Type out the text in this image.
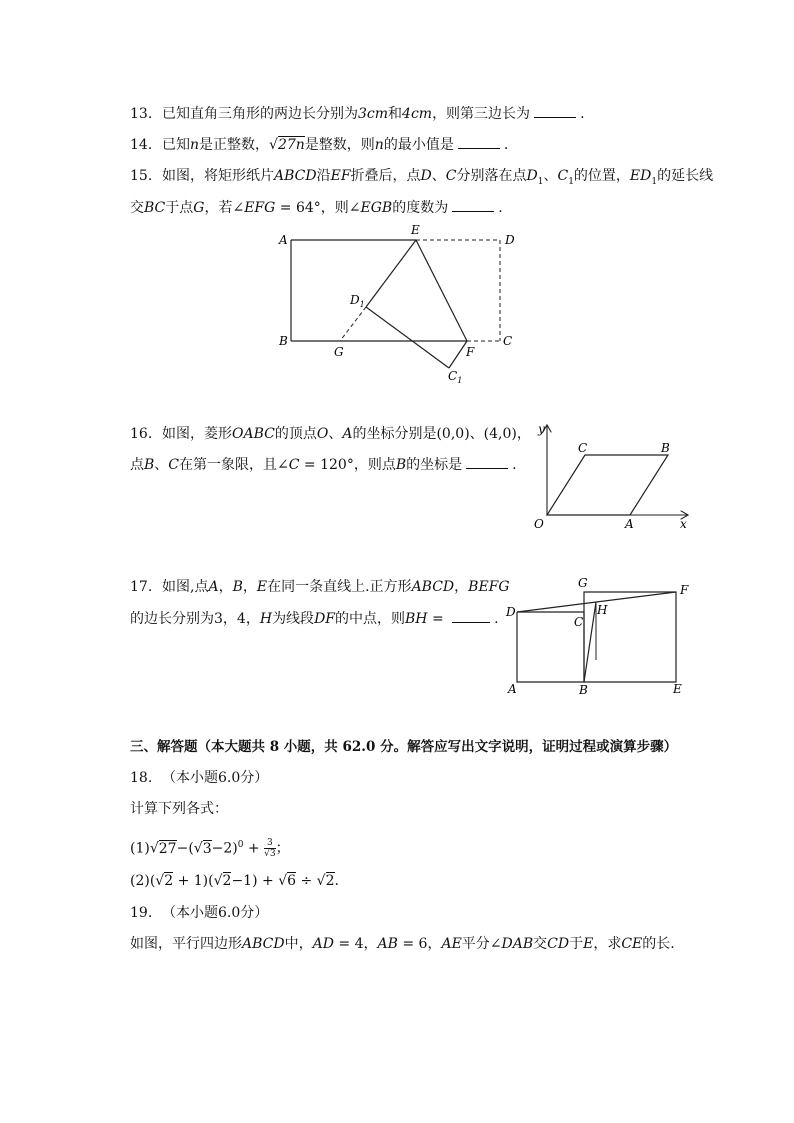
13. 已知直角三角形的两边长分别为3cm和4cm，则第三边长为	.
14. 已知n是正整数，√27n是整数，则n的最小值是	.
15. 如图，将矩形纸片ABCD沿EF折叠后，点D、C分别落在点$D_1$、$C_1$的位置，$ED_1$的延长线
交BC于点G，若∠EFG = 64°，则∠EGB的度数为	.
A
E
D
$D_1$
B
G	F
C
$C_1$
16. 如图，菱形OABC的顶点O、A的坐标分别是(0,0)、(4,0)，
点B、C在第一象限，且∠C = 120°，则点B的坐标是	.
y
x
O	A
B
C
17. 如图,点A，B，E在同一条直线上.正方形ABCD，BEFG
的边长分别为3，4，H为线段DF的中点，则BH =	.
G	F
D	H
C
A	B	E
三、解答题（本大题共 8 小题，共 62.0 分。解答应写出文字说明，证明过程或演算步骤）
18. （本小题6.0分）
计算下列各式：
$(1)√27-(√3-2)^0 + \frac{3}{√3}$ ；
(2)(√2 + 1)(√2−1) + √6 ÷ √2.
19. （本小题6.0分）
如图，平行四边形ABCD中，AD = 4，AB = 6，AE平分∠DAB交CD于E，求CE的长.
